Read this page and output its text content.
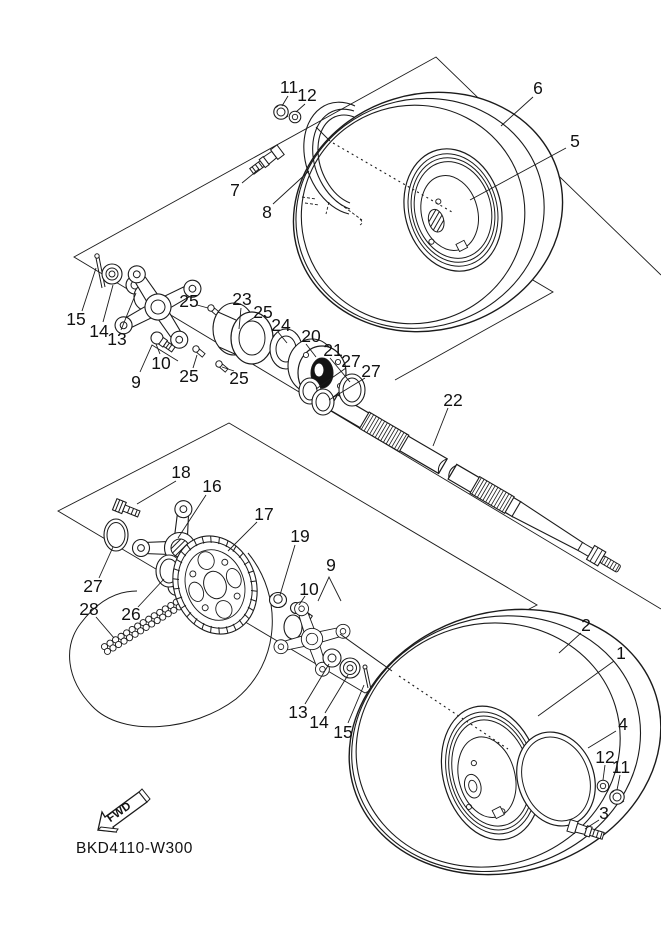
FWD
BKD4110-W300
11 12
7
8
6
5
15
14
13
9
10
25 23
25
24
20
21
27 27
25 25
22
18
16
17
27
26
28
19
9
10
13 14 15
2
1
4
12
11
3
